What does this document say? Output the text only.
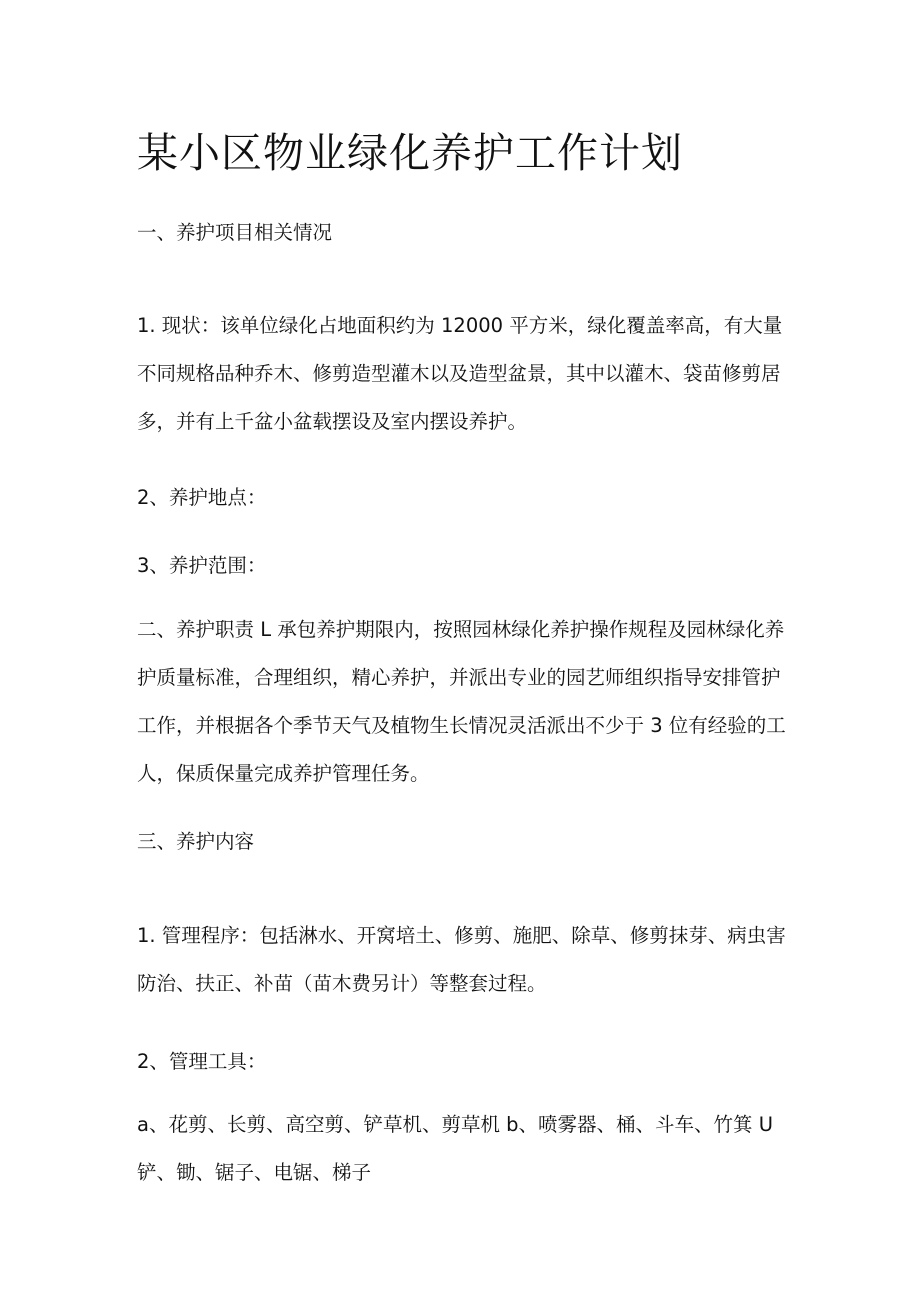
某小区物业绿化养护工作计划

一、养护项目相关情况

1. 现状：该单位绿化占地面积约为 12000 平方米，绿化覆盖率高，有大量不同规格品种乔木、修剪造型灌木以及造型盆景，其中以灌木、袋苗修剪居多，并有上千盆小盆载摆设及室内摆设养护。

2、养护地点：

3、养护范围：

二、养护职责 L 承包养护期限内，按照园林绿化养护操作规程及园林绿化养护质量标准，合理组织，精心养护，并派出专业的园艺师组织指导安排管护工作，并根据各个季节天气及植物生长情况灵活派出不少于 3 位有经验的工人，保质保量完成养护管理任务。

三、养护内容

1. 管理程序：包括淋水、开窝培土、修剪、施肥、除草、修剪抹芽、病虫害防治、扶正、补苗（苗木费另计）等整套过程。

2、管理工具：

a、花剪、长剪、高空剪、铲草机、剪草机 b、喷雾器、桶、斗车、竹箕 U 铲、锄、锯子、电锯、梯子
